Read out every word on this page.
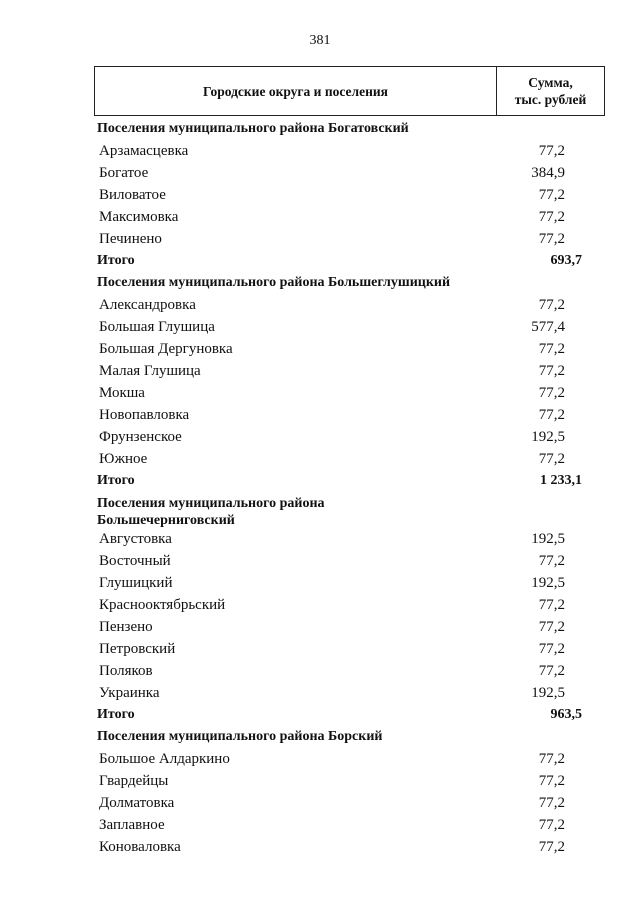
381
Городские округа и поселения
Сумма,
тыс. рублей
Поселения муниципального района Богатовский
Арзамасцевка	77,2
Богатое	384,9
Виловатое	77,2
Максимовка	77,2
Печинено	77,2
Итого	693,7
Поселения муниципального района Большеглушицкий
Александровка	77,2
Большая Глушица	577,4
Большая Дергуновка	77,2
Малая Глушица	77,2
Мокша	77,2
Новопавловка	77,2
Фрунзенское	192,5
Южное	77,2
Итого	1 233,1
Поселения муниципального района
Большечерниговский
Августовка	192,5
Восточный	77,2
Глушицкий	192,5
Краснооктябрьский	77,2
Пензено	77,2
Петровский	77,2
Поляков	77,2
Украинка	192,5
Итого	963,5
Поселения муниципального района Борский
Большое Алдаркино	77,2
Гвардейцы	77,2
Долматовка	77,2
Заплавное	77,2
Коноваловка	77,2
